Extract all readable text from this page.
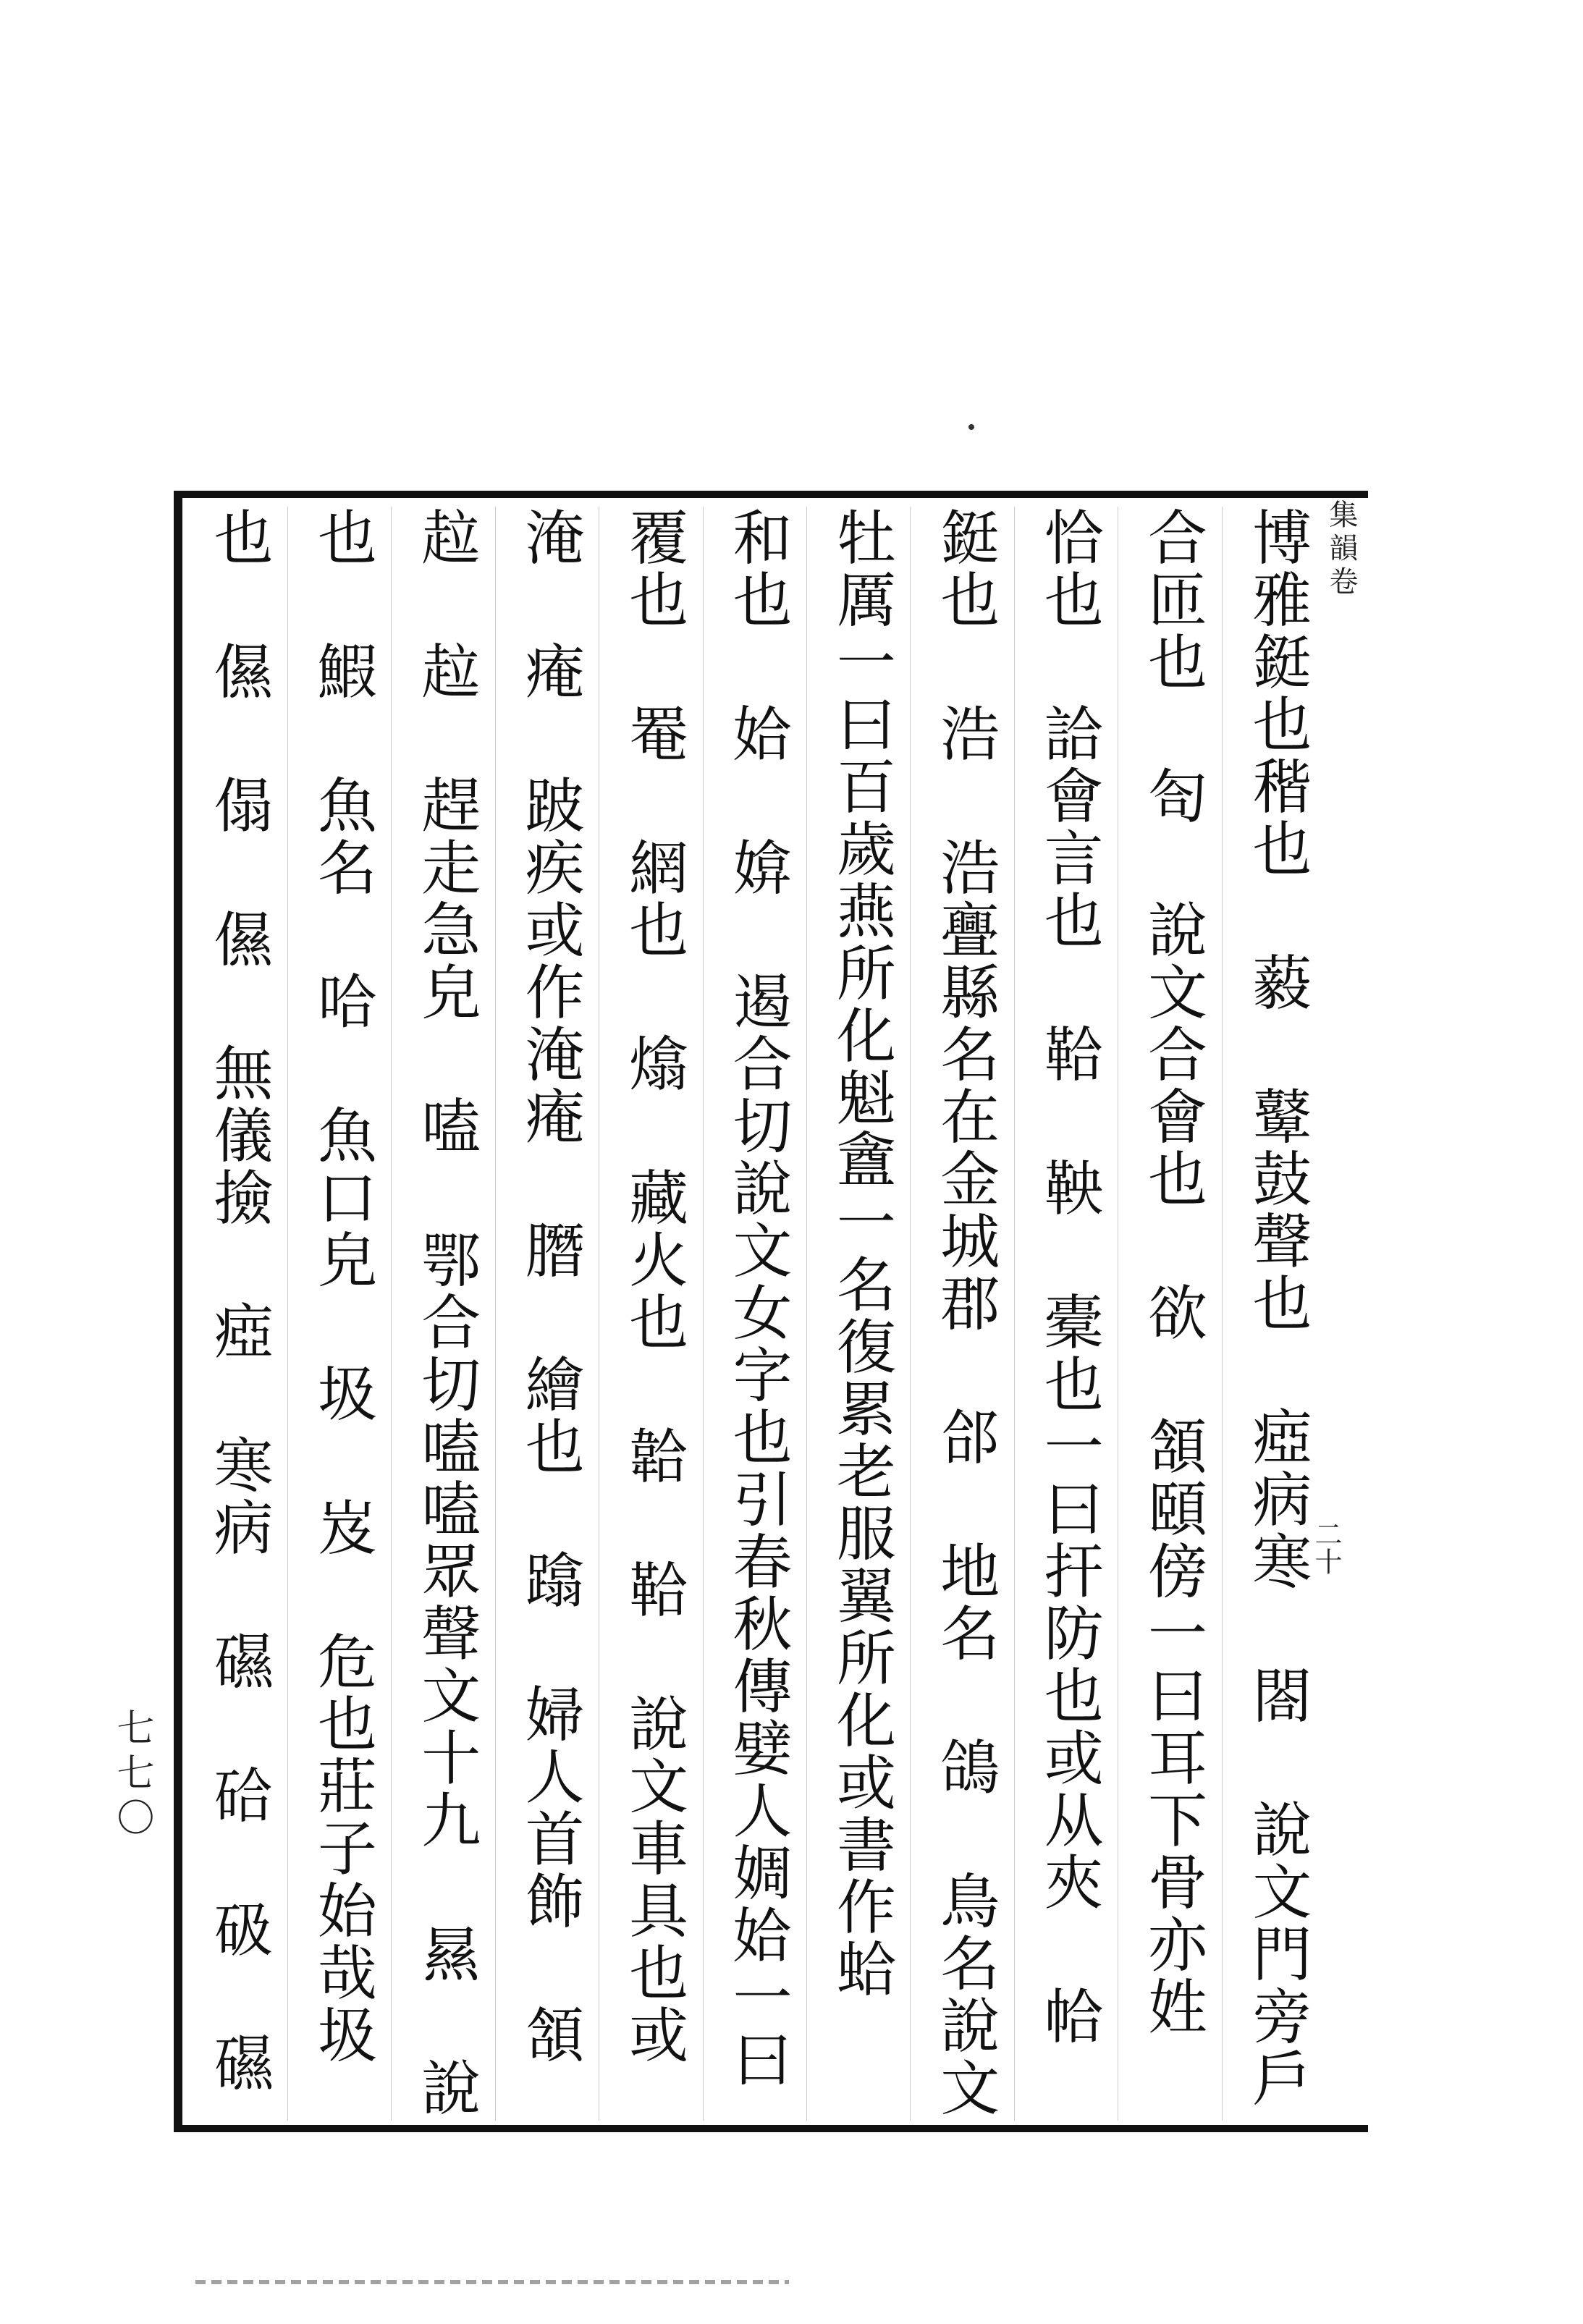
集韻卷
二十
七七〇
博雅鋌也稭也 藙 鼙鼓聲也 瘂病寒 閤 說文門旁戶
合匝也 匌 說文合會也 欲 頷頤傍一曰耳下骨亦姓
恰也 詥會言也 鞈 鞅 橐也一曰扞防也或从夾 帢
鋌也 浩 浩亹縣名在金城郡 郃 地名 鴿 鳥名說文
牡厲一曰百歲燕所化魁盦一名復累老服翼所化或書作蛤
和也 姶 媕 遏合切說文女字也引春秋傳嬖人婤姶一曰
覆也 罨 網也 熻 藏火也 韐 鞈 說文車具也或
淹 痷 跛疾或作淹痷 䐶 繪也 蹹 婦人首飾 頷
趇 趇 趕走急皃 嗑 鄂合切嗑嗑眾聲文十九 㬎 說
也 鰕 魚名 哈 魚口皃 圾 岌 危也莊子始哉圾
也 儑 傝 儑 無儀撿 瘂 寒病 礘 硆 砐 礘
